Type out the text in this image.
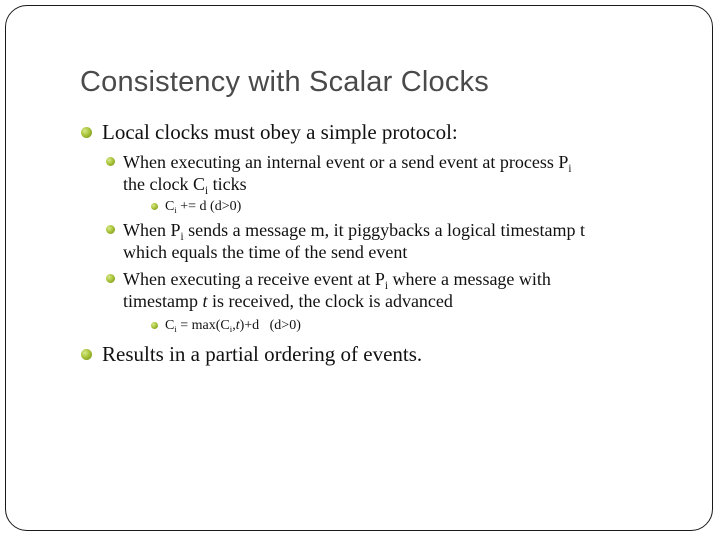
Consistency with Scalar Clocks
Local clocks must obey a simple protocol:
When executing an internal event or a send event at process $P_i$
the clock $C_i$ ticks
$C_i += d$ (d>0)
When $P_i$ sends a message m, it piggybacks a logical timestamp t
which equals the time of the send event
When executing a receive event at $P_i$ where a message with
timestamp t is received, the clock is advanced
$C_i = \max(C_i,t)+d$   (d>0)
Results in a partial ordering of events.
